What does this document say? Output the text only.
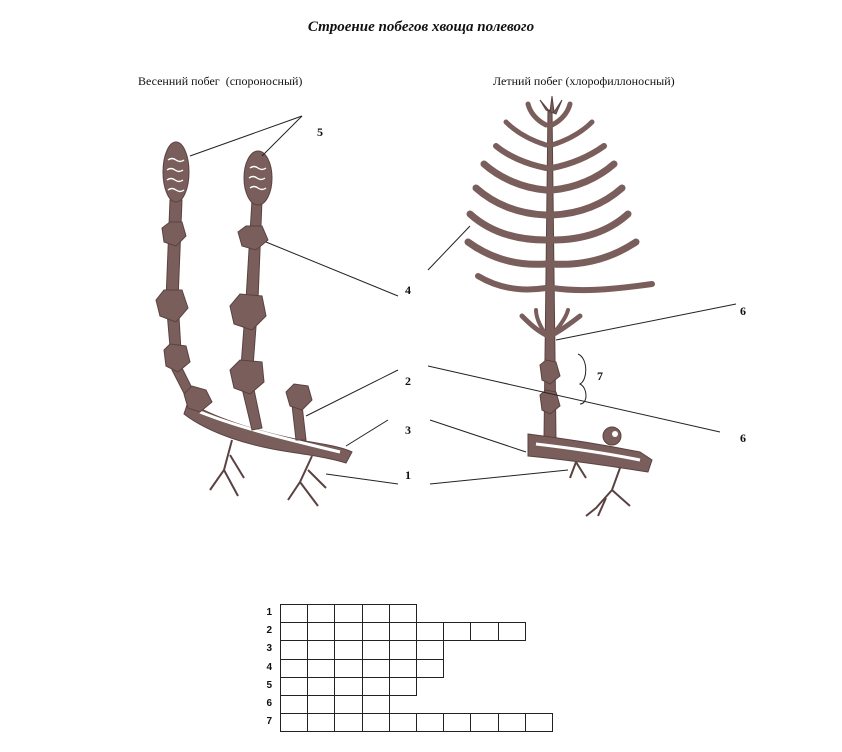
Строение побегов хвоща полевого
Весенний побег  (спороносный)	Летний побег (хлорофиллоносный)
5
4
2
3
1
6
7
6
1
2
3
4
5
6
7
